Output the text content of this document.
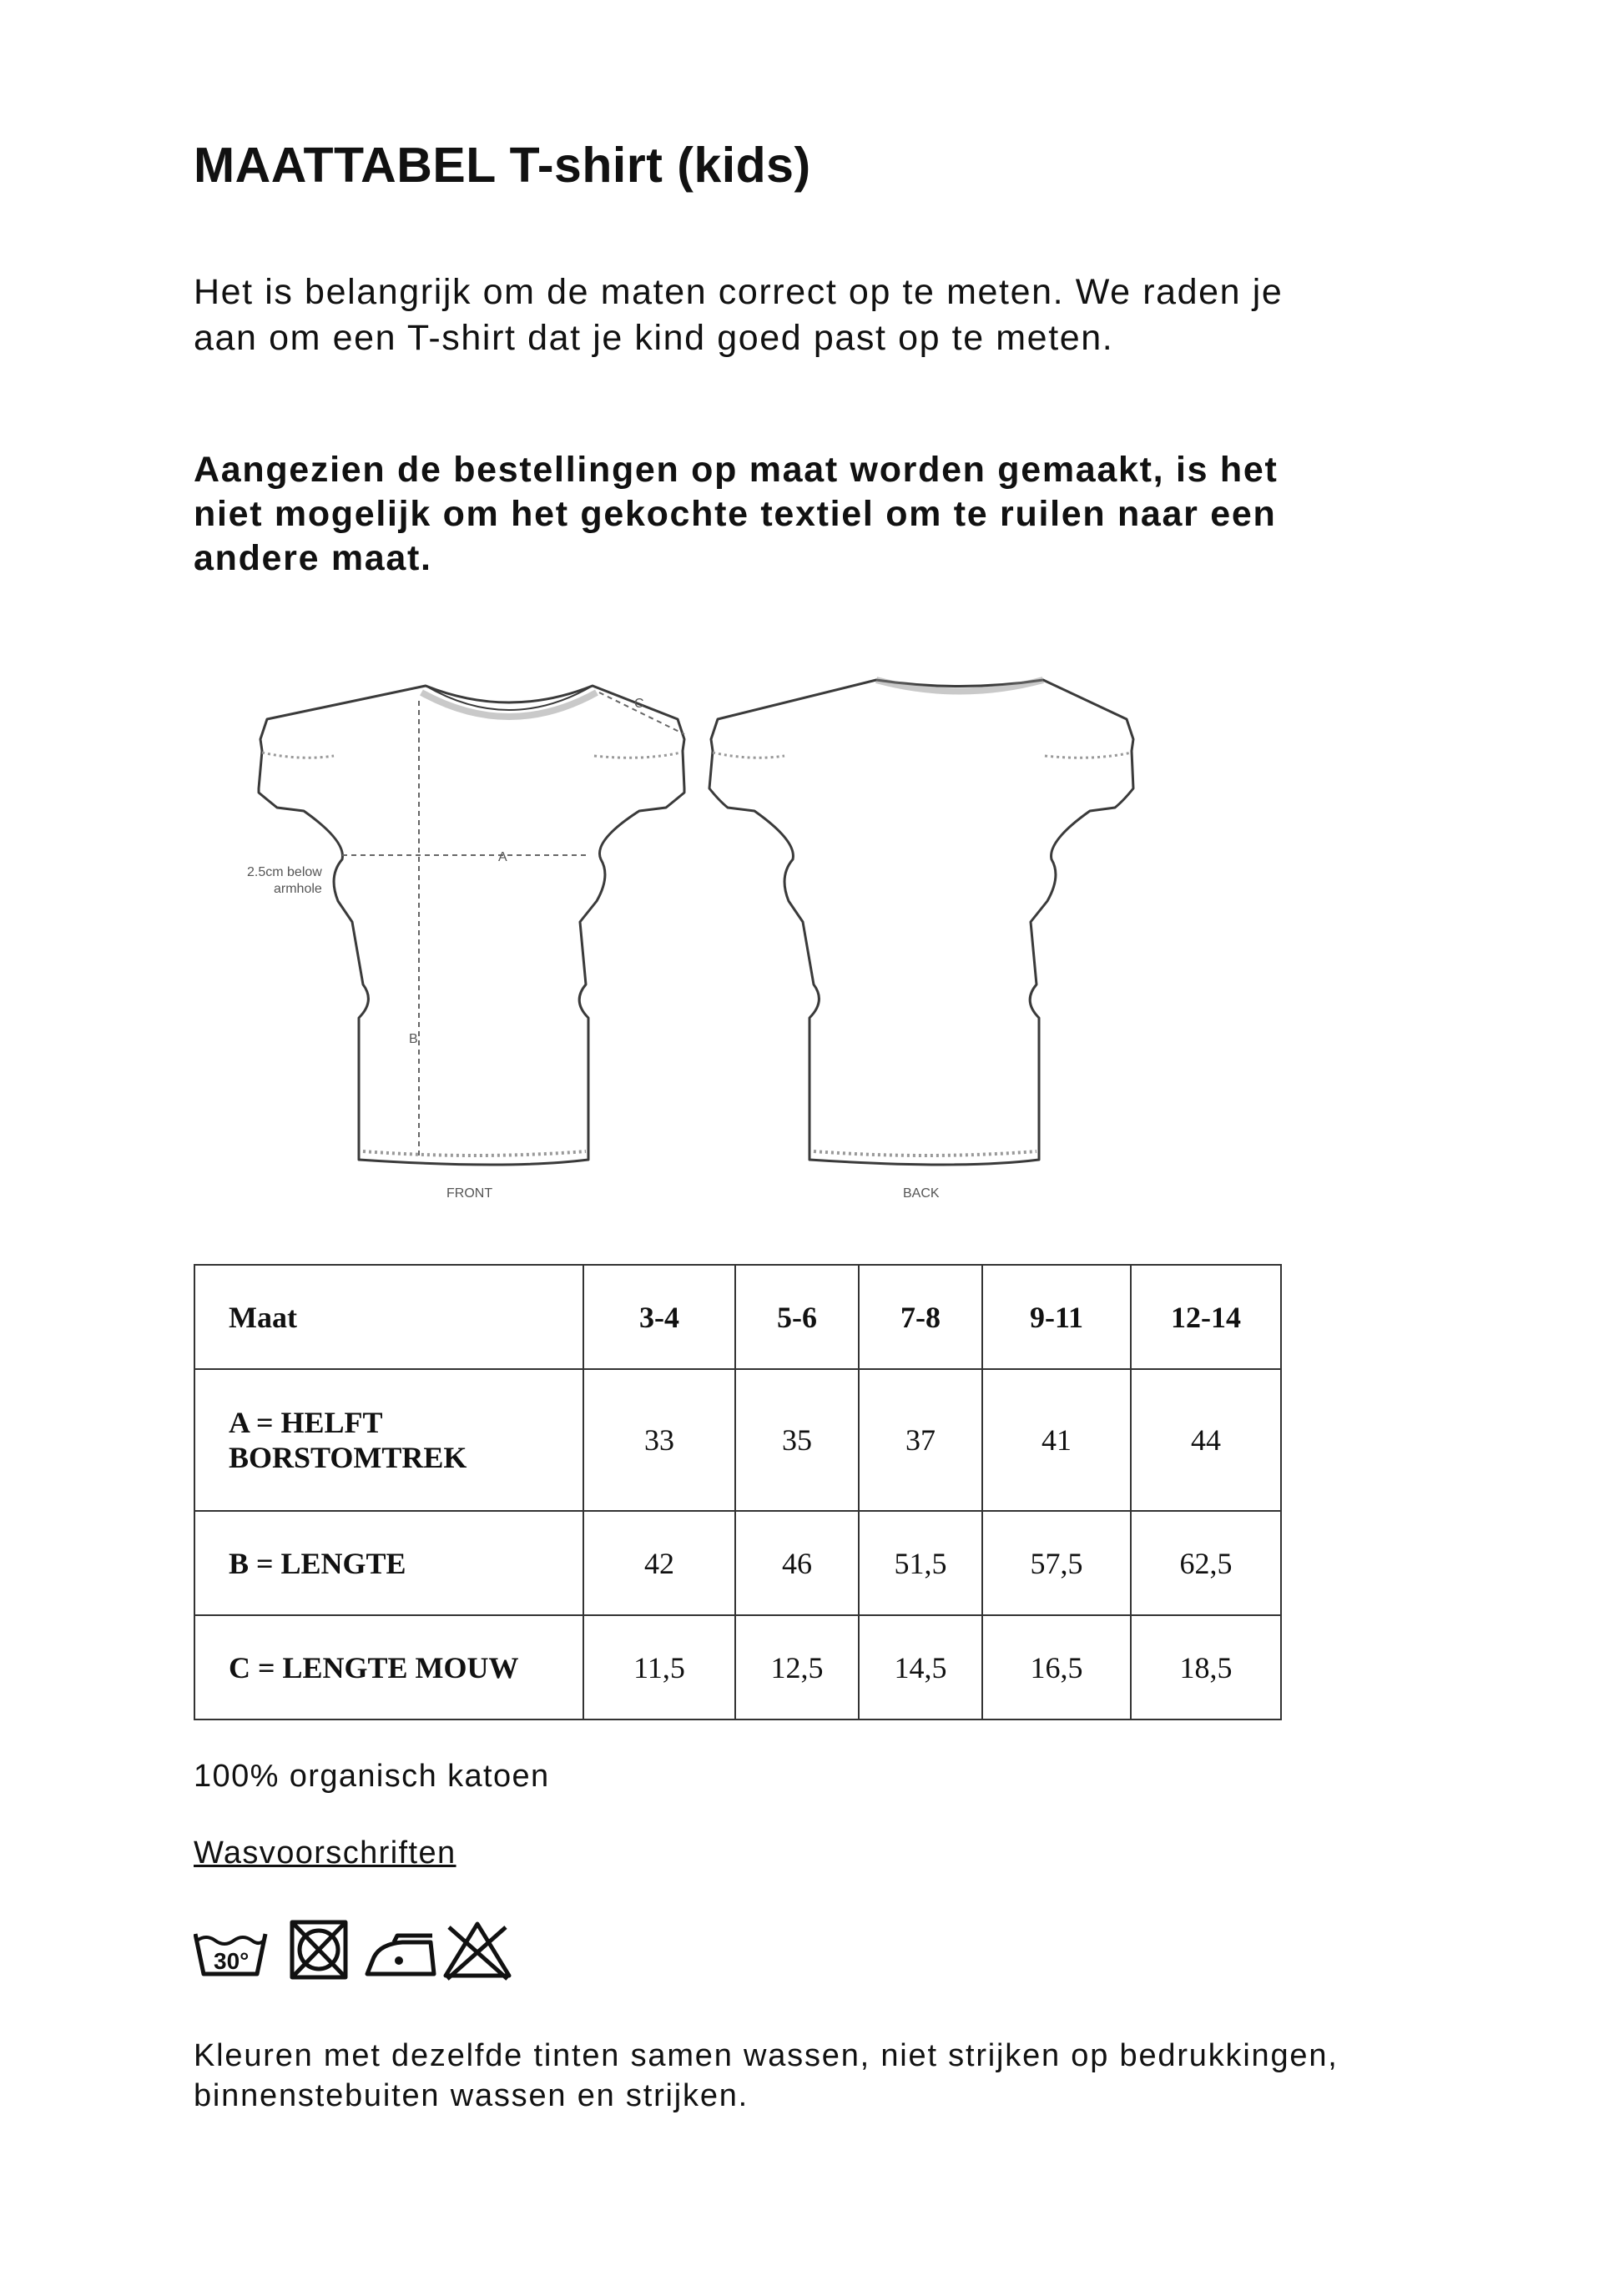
MAATTABEL T-shirt (kids)

Het is belangrijk om de maten correct op te meten. We raden je aan om een T-shirt dat je kind goed past op te meten.

Aangezien de bestellingen op maat worden gemaakt, is het niet mogelijk om het gekochte textiel om te ruilen naar een andere maat.

A
B
C
2.5cm below
armhole
FRONT	BACK
Maat	3-4	5-6	7-8	9-11	12-14
A = HELFT
BORSTOMTREK	33	35	37	41	44
B = LENGTE	42	46	51,5	57,5	62,5
C = LENGTE MOUW	11,5	12,5	14,5	16,5	18,5

100% organisch katoen

Wasvoorschriften

30°

Kleuren met dezelfde tinten samen wassen, niet strijken op bedrukkingen, binnenstebuiten wassen en strijken.
